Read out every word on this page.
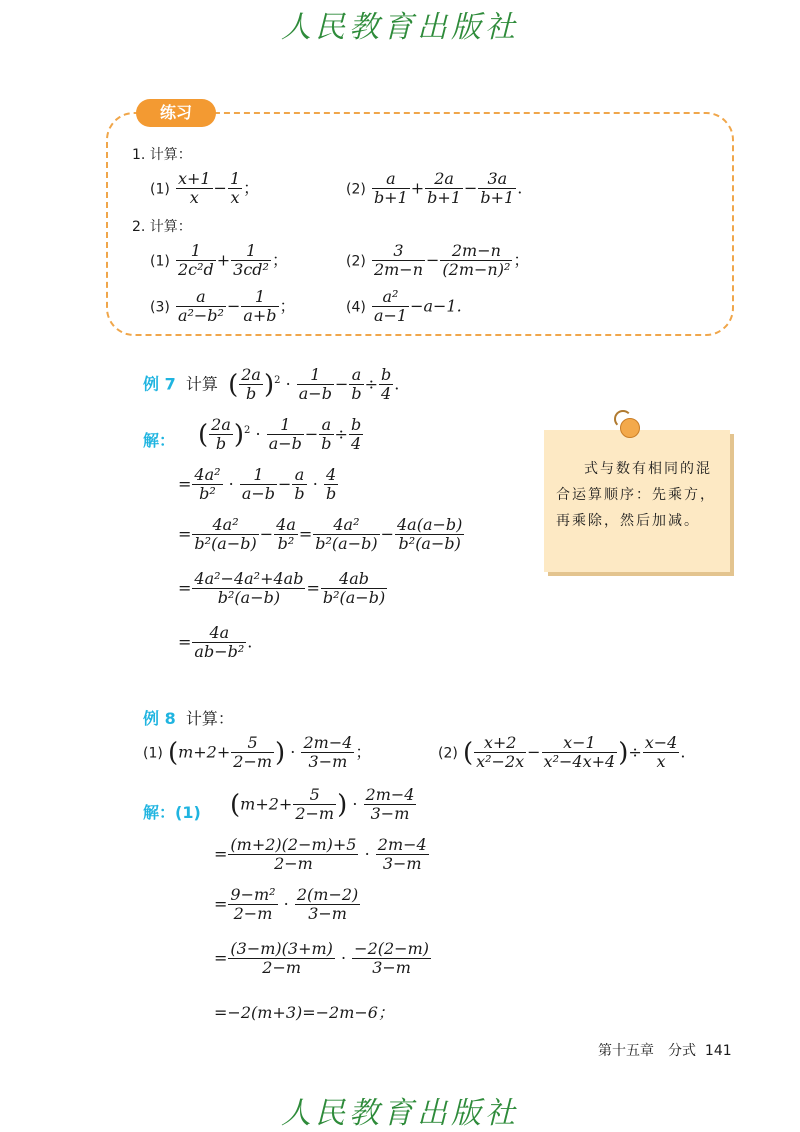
人民教育出版社
练习
1. 计算：
$(1) \frac{x+1}{x} - \frac{1}{x}$ ；	$(2) \frac{a}{b+1} + \frac{2a}{b+1} - \frac{3a}{b+1}$ .
2. 计算：
$(1) \frac{1}{\text{2c²d}} + \frac{1}{\text{3cd²}}$ ；	$(2) \frac{3}{2m-n} - \frac{2m-n}{\text{(2m−n)²}}$ ；
$(3) \frac{a}{\text{a²−b²}} - \frac{1}{a+b}$ ；	$(4) \frac{\text{a²}}{a-1} -a-1$.
例 7 计算 ( $\frac{2a}{b} )^2 \cdot \frac{1}{a-b} - \frac{a}{b} \div \frac{b}{4}$ .
解： ( $\frac{2a}{b} )^2 \cdot \frac{1}{a-b} - \frac{a}{b} \div \frac{b}{4}$
= $\frac{\text{4a²}}{\text{b²}} \cdot \frac{1}{a-b} - \frac{a}{b} \cdot \frac{4}{b}$
= $\frac{\text{4a²}}{\text{b²(a−b)}} - \frac{4a}{\text{b²}} = \frac{\text{4a²}}{\text{b²(a−b)}} - \frac{4a(a-b)}{\text{b²(a−b)}}$
= $\frac{\text{4a²−4a²+4ab}}{\text{b²(a−b)}} = \frac{4ab}{\text{b²(a−b)}}$
= $\frac{4a}{\text{ab−b²}}$ .
式与数有相同的混合运算顺序：先乘方，再乘除，然后加减。
例 8 计算：
(1) ($m+2+ \frac{5}{2-m}$ ) · $\frac{2m-4}{3-m}$ ；	(2) ( $\frac{x+2}{\text{x²−2x}} - \frac{x-1}{\text{x²−4x+4}}$ )÷ $\frac{x-4}{x}$ .
解：(1) ($m+2+ \frac{5}{2-m}$ ) · $\frac{2m-4}{3-m}$
= $\frac{(m+2)(2-m)+5}{2-m} \cdot \frac{2m-4}{3-m}$
= $\frac{\text{9−m²}}{2-m} \cdot \frac{2(m-2)}{3-m}$
= $\frac{(3-m)(3+m)}{2-m} \cdot \frac{-2(2-m)}{3-m}$
=−2(m+3)=−2m−6；
第十五章　分式 141
人民教育出版社
